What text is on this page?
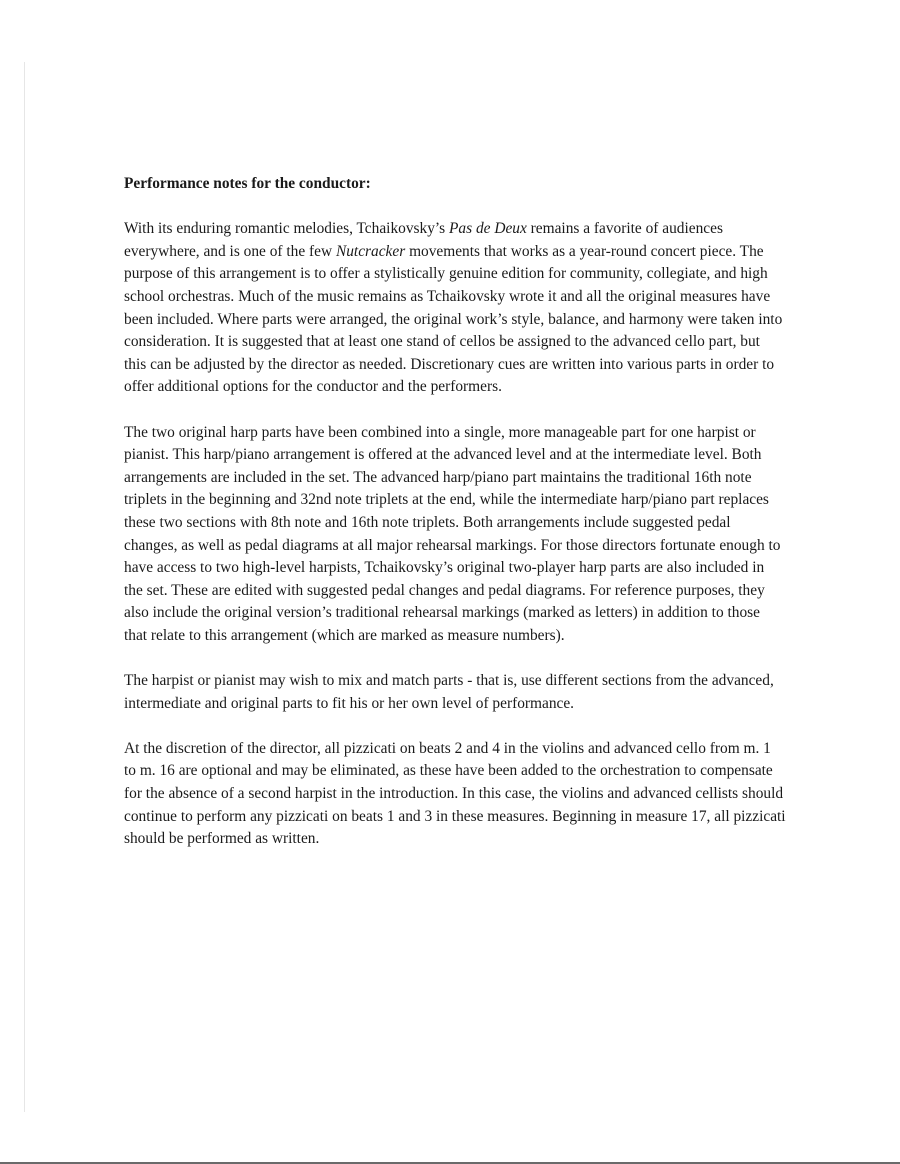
Performance notes for the conductor:

With its enduring romantic melodies, Tchaikovsky’s Pas de Deux remains a favorite of audiences everywhere, and is one of the few Nutcracker movements that works as a year-round concert piece. The purpose of this arrangement is to offer a stylistically genuine edition for community, collegiate, and high school orchestras. Much of the music remains as Tchaikovsky wrote it and all the original measures have been included. Where parts were arranged, the original work’s style, balance, and harmony were taken into consideration. It is suggested that at least one stand of cellos be assigned to the advanced cello part, but this can be adjusted by the director as needed. Discretionary cues are written into various parts in order to offer additional options for the conductor and the performers.

The two original harp parts have been combined into a single, more manageable part for one harpist or pianist. This harp/piano arrangement is offered at the advanced level and at the intermediate level. Both arrangements are included in the set. The advanced harp/piano part maintains the traditional 16th note triplets in the beginning and 32nd note triplets at the end, while the intermediate harp/piano part replaces these two sections with 8th note and 16th note triplets. Both arrangements include suggested pedal changes, as well as pedal diagrams at all major rehearsal markings. For those directors fortunate enough to have access to two high-level harpists, Tchaikovsky’s original two-player harp parts are also included in the set. These are edited with suggested pedal changes and pedal diagrams. For reference purposes, they also include the original version’s traditional rehearsal markings (marked as letters) in addition to those that relate to this arrangement (which are marked as measure numbers).

The harpist or pianist may wish to mix and match parts - that is, use different sections from the advanced, intermediate and original parts to fit his or her own level of performance.

At the discretion of the director, all pizzicati on beats 2 and 4 in the violins and advanced cello from m. 1 to m. 16 are optional and may be eliminated, as these have been added to the orchestration to compensate for the absence of a second harpist in the introduction. In this case, the violins and advanced cellists should continue to perform any pizzicati on beats 1 and 3 in these measures. Beginning in measure 17, all pizzicati should be performed as written.
